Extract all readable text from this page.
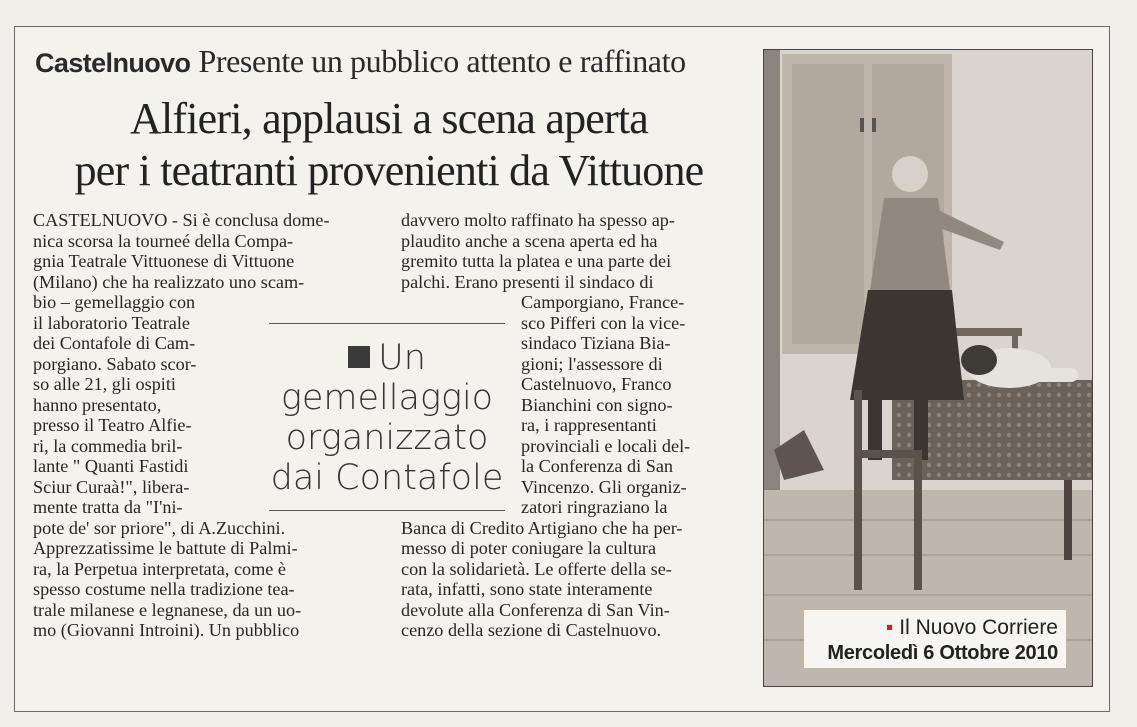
Castelnuovo Presente un pubblico attento e raffinato
Alfieri, applausi a scena aperta
per i teatranti provenienti da Vittuone

CASTELNUOVO - Si è conclusa dome-

nica scorsa la tourneé della Compa-

gnia Teatrale Vittuonese di Vittuone

(Milano) che ha realizzato uno scam-

bio – gemellaggio con

il laboratorio Teatrale

dei Contafole di Cam-

porgiano. Sabato scor-

so alle 21, gli ospiti

hanno presentato,

presso il Teatro Alfie-

ri, la commedia bril-

lante " Quanti Fastidi

Sciur Curaà!", libera-

mente tratta da "I'ni-

pote de' sor priore", di A.Zucchini.

Apprezzatissime le battute di Palmi-

ra, la Perpetua interpretata, come è

spesso costume nella tradizione tea-

trale milanese e legnanese, da un uo-

mo (Giovanni Introini). Un pubblico

Un
gemellaggio
organizzato
dai Contafole

davvero molto raffinato ha spesso ap-

plaudito anche a scena aperta ed ha

gremito tutta la platea e una parte dei

palchi. Erano presenti il sindaco di

Camporgiano, France-

sco Pifferi con la vice-

sindaco Tiziana Bia-

gioni; l'assessore di

Castelnuovo, Franco

Bianchini con signo-

ra, i rappresentanti

provinciali e locali del-

la Conferenza di San

Vincenzo. Gli organiz-

zatori ringraziano la

Banca di Credito Artigiano che ha per-

messo di poter coniugare la cultura

con la solidarietà. Le offerte della se-

rata, infatti, sono state interamente

devolute alla Conferenza di San Vin-

cenzo della sezione di Castelnuovo.	▪ Il Nuovo Corriere
Mercoledì 6 Ottobre 2010
